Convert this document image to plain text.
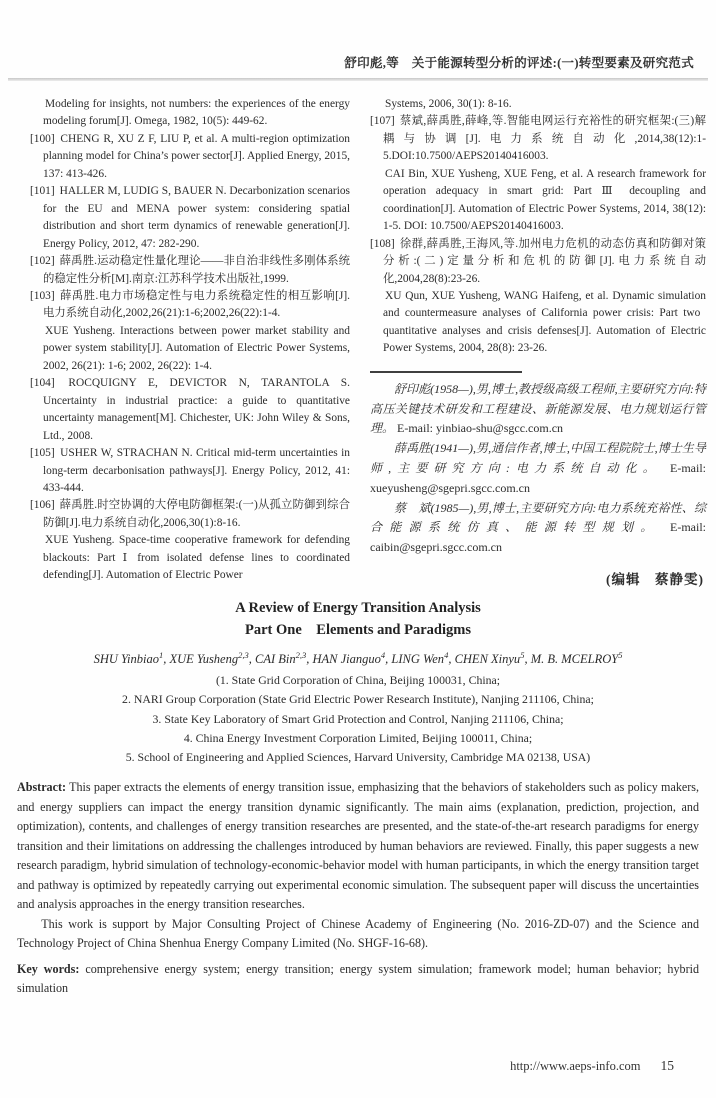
舒印彪,等　关于能源转型分析的评述:(一)转型要素及研究范式

Modeling for insights, not numbers: the experiences of the energy modeling forum[J]. Omega, 1982, 10(5): 449-62.

[100] CHENG R, XU Z F, LIU P, et al. A multi-region optimization planning model for China’s power sector[J]. Applied Energy, 2015, 137: 413-426.

[101] HALLER M, LUDIG S, BAUER N. Decarbonization scenarios for the EU and MENA power system: considering spatial distribution and short term dynamics of renewable generation[J]. Energy Policy, 2012, 47: 282-290.

[102] 薛禹胜.运动稳定性量化理论——非自治非线性多刚体系统的稳定性分析[M].南京:江苏科学技术出版社,1999.

[103] 薛禹胜.电力市场稳定性与电力系统稳定性的相互影响[J].电力系统自动化,2002,26(21):1-6;2002,26(22):1-4.

XUE Yusheng. Interactions between power market stability and power system stability[J]. Automation of Electric Power Systems, 2002, 26(21): 1-6; 2002, 26(22): 1-4.

[104] ROCQUIGNY E, DEVICTOR N, TARANTOLA S. Uncertainty in industrial practice: a guide to quantitative uncertainty management[M]. Chichester, UK: John Wiley & Sons, Ltd., 2008.

[105] USHER W, STRACHAN N. Critical mid-term uncertainties in long-term decarbonisation pathways[J]. Energy Policy, 2012, 41: 433-444.

[106] 薛禹胜.时空协调的大停电防御框架:(一)从孤立防御到综合防御[J].电力系统自动化,2006,30(1):8-16.

XUE Yusheng. Space-time cooperative framework for defending blackouts: Part Ⅰ from isolated defense lines to coordinated defending[J]. Automation of Electric Power

Systems, 2006, 30(1): 8-16.

[107] 蔡斌,薛禹胜,薛峰,等.智能电网运行充裕性的研究框架:(三)解耦与协调[J].电力系统自动化,2014,38(12):1-5.DOI:10.7500/AEPS20140416003.

CAI Bin, XUE Yusheng, XUE Feng, et al. A research framework for operation adequacy in smart grid: Part Ⅲ decoupling and coordination[J]. Automation of Electric Power Systems, 2014, 38(12): 1-5. DOI: 10.7500/AEPS20140416003.

[108] 徐群,薛禹胜,王海风,等.加州电力危机的动态仿真和防御对策分析:(二)定量分析和危机的防御[J].电力系统自动化,2004,28(8):23-26.

XU Qun, XUE Yusheng, WANG Haifeng, et al. Dynamic simulation and countermeasure analyses of California power crisis: Part two quantitative analyses and crisis defenses[J]. Automation of Electric Power Systems, 2004, 28(8): 23-26.

舒印彪(1958—),男,博士,教授级高级工程师,主要研究方向:特高压关键技术研发和工程建设、新能源发展、电力规划运行管理。 E-mail: yinbiao-shu@sgcc.com.cn

薛禹胜(1941—),男,通信作者,博士,中国工程院院士,博士生导师,主要研究方向:电力系统自动化。 E-mail: xueyusheng@sgepri.sgcc.com.cn

蔡　斌(1985—),男,博士,主要研究方向:电力系统充裕性、综合能源系统仿真、能源转型规划。 E-mail: caibin@sgepri.sgcc.com.cn

(编辑　蔡静雯)

A Review of Energy Transition Analysis

Part One  Elements and Paradigms

SHU Yinbiao$^1$, XUE Yusheng$^{2,3}$, CAI Bin$^{2,3}$, HAN Jianguo$^4$, LING Wen$^4$, CHEN Xinyu$^5$, M. B. MCELROY$^5$

(1. State Grid Corporation of China, Beijing 100031, China;

2. NARI Group Corporation (State Grid Electric Power Research Institute), Nanjing 211106, China;

3. State Key Laboratory of Smart Grid Protection and Control, Nanjing 211106, China;

4. China Energy Investment Corporation Limited, Beijing 100011, China;

5. School of Engineering and Applied Sciences, Harvard University, Cambridge MA 02138, USA)

Abstract: This paper extracts the elements of energy transition issue, emphasizing that the behaviors of stakeholders such as policy makers, and energy suppliers can impact the energy transition dynamic significantly. The main aims (explanation, prediction, projection, and optimization), contents, and challenges of energy transition researches are presented, and the state-of-the-art research paradigms for energy transition and their limitations on addressing the challenges introduced by human behaviors are reviewed. Finally, this paper suggests a new research paradigm, hybrid simulation of technology-economic-behavior model with human participants, in which the energy transition target and pathway is optimized by repeatedly carrying out experimental economic simulation. The subsequent paper will discuss the uncertainties and analysis approaches in the energy transition researches.

This work is support by Major Consulting Project of Chinese Academy of Engineering (No. 2016-ZD-07) and the Science and Technology Project of China Shenhua Energy Company Limited (No. SHGF-16-68).

Key words: comprehensive energy system; energy transition; energy system simulation; framework model; human behavior; hybrid simulation

http://www.aeps-info.com 15
